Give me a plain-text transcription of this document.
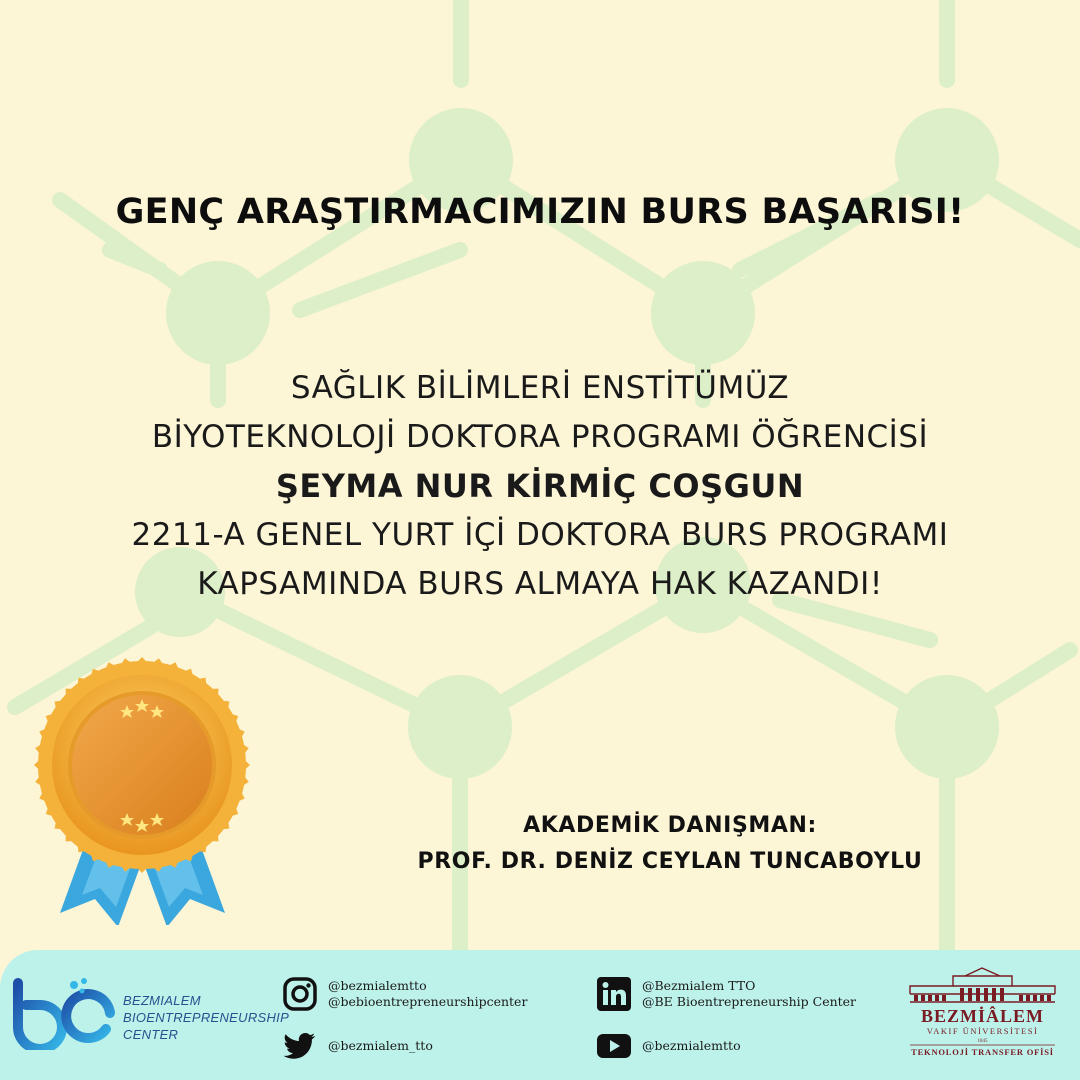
GENÇ ARAŞTIRMACIMIZIN BURS BAŞARISI!
SAĞLIK BİLİMLERİ ENSTİTÜMÜZ
BİYOTEKNOLOJİ DOKTORA PROGRAMI ÖĞRENCİSİ
ŞEYMA NUR KİRMİÇ COŞGUN
2211-A GENEL YURT İÇİ DOKTORA BURS PROGRAMI
KAPSAMINDA BURS ALMAYA HAK KAZANDI!
AKADEMİK DANIŞMAN:
PROF. DR. DENİZ CEYLAN TUNCABOYLU
BEZMIALEM
BIOENTREPRENEURSHIP
CENTER
@bezmialemtto
@bebioentrepreneurshipcenter
@bezmialem_tto
@Bezmialem TTO
@BE Bioentrepreneurship Center
@bezmialemtto
BEZMİÂLEM
VAKIF ÜNİVERSİTESİ
1845
TEKNOLOJİ TRANSFER OFİSİ
